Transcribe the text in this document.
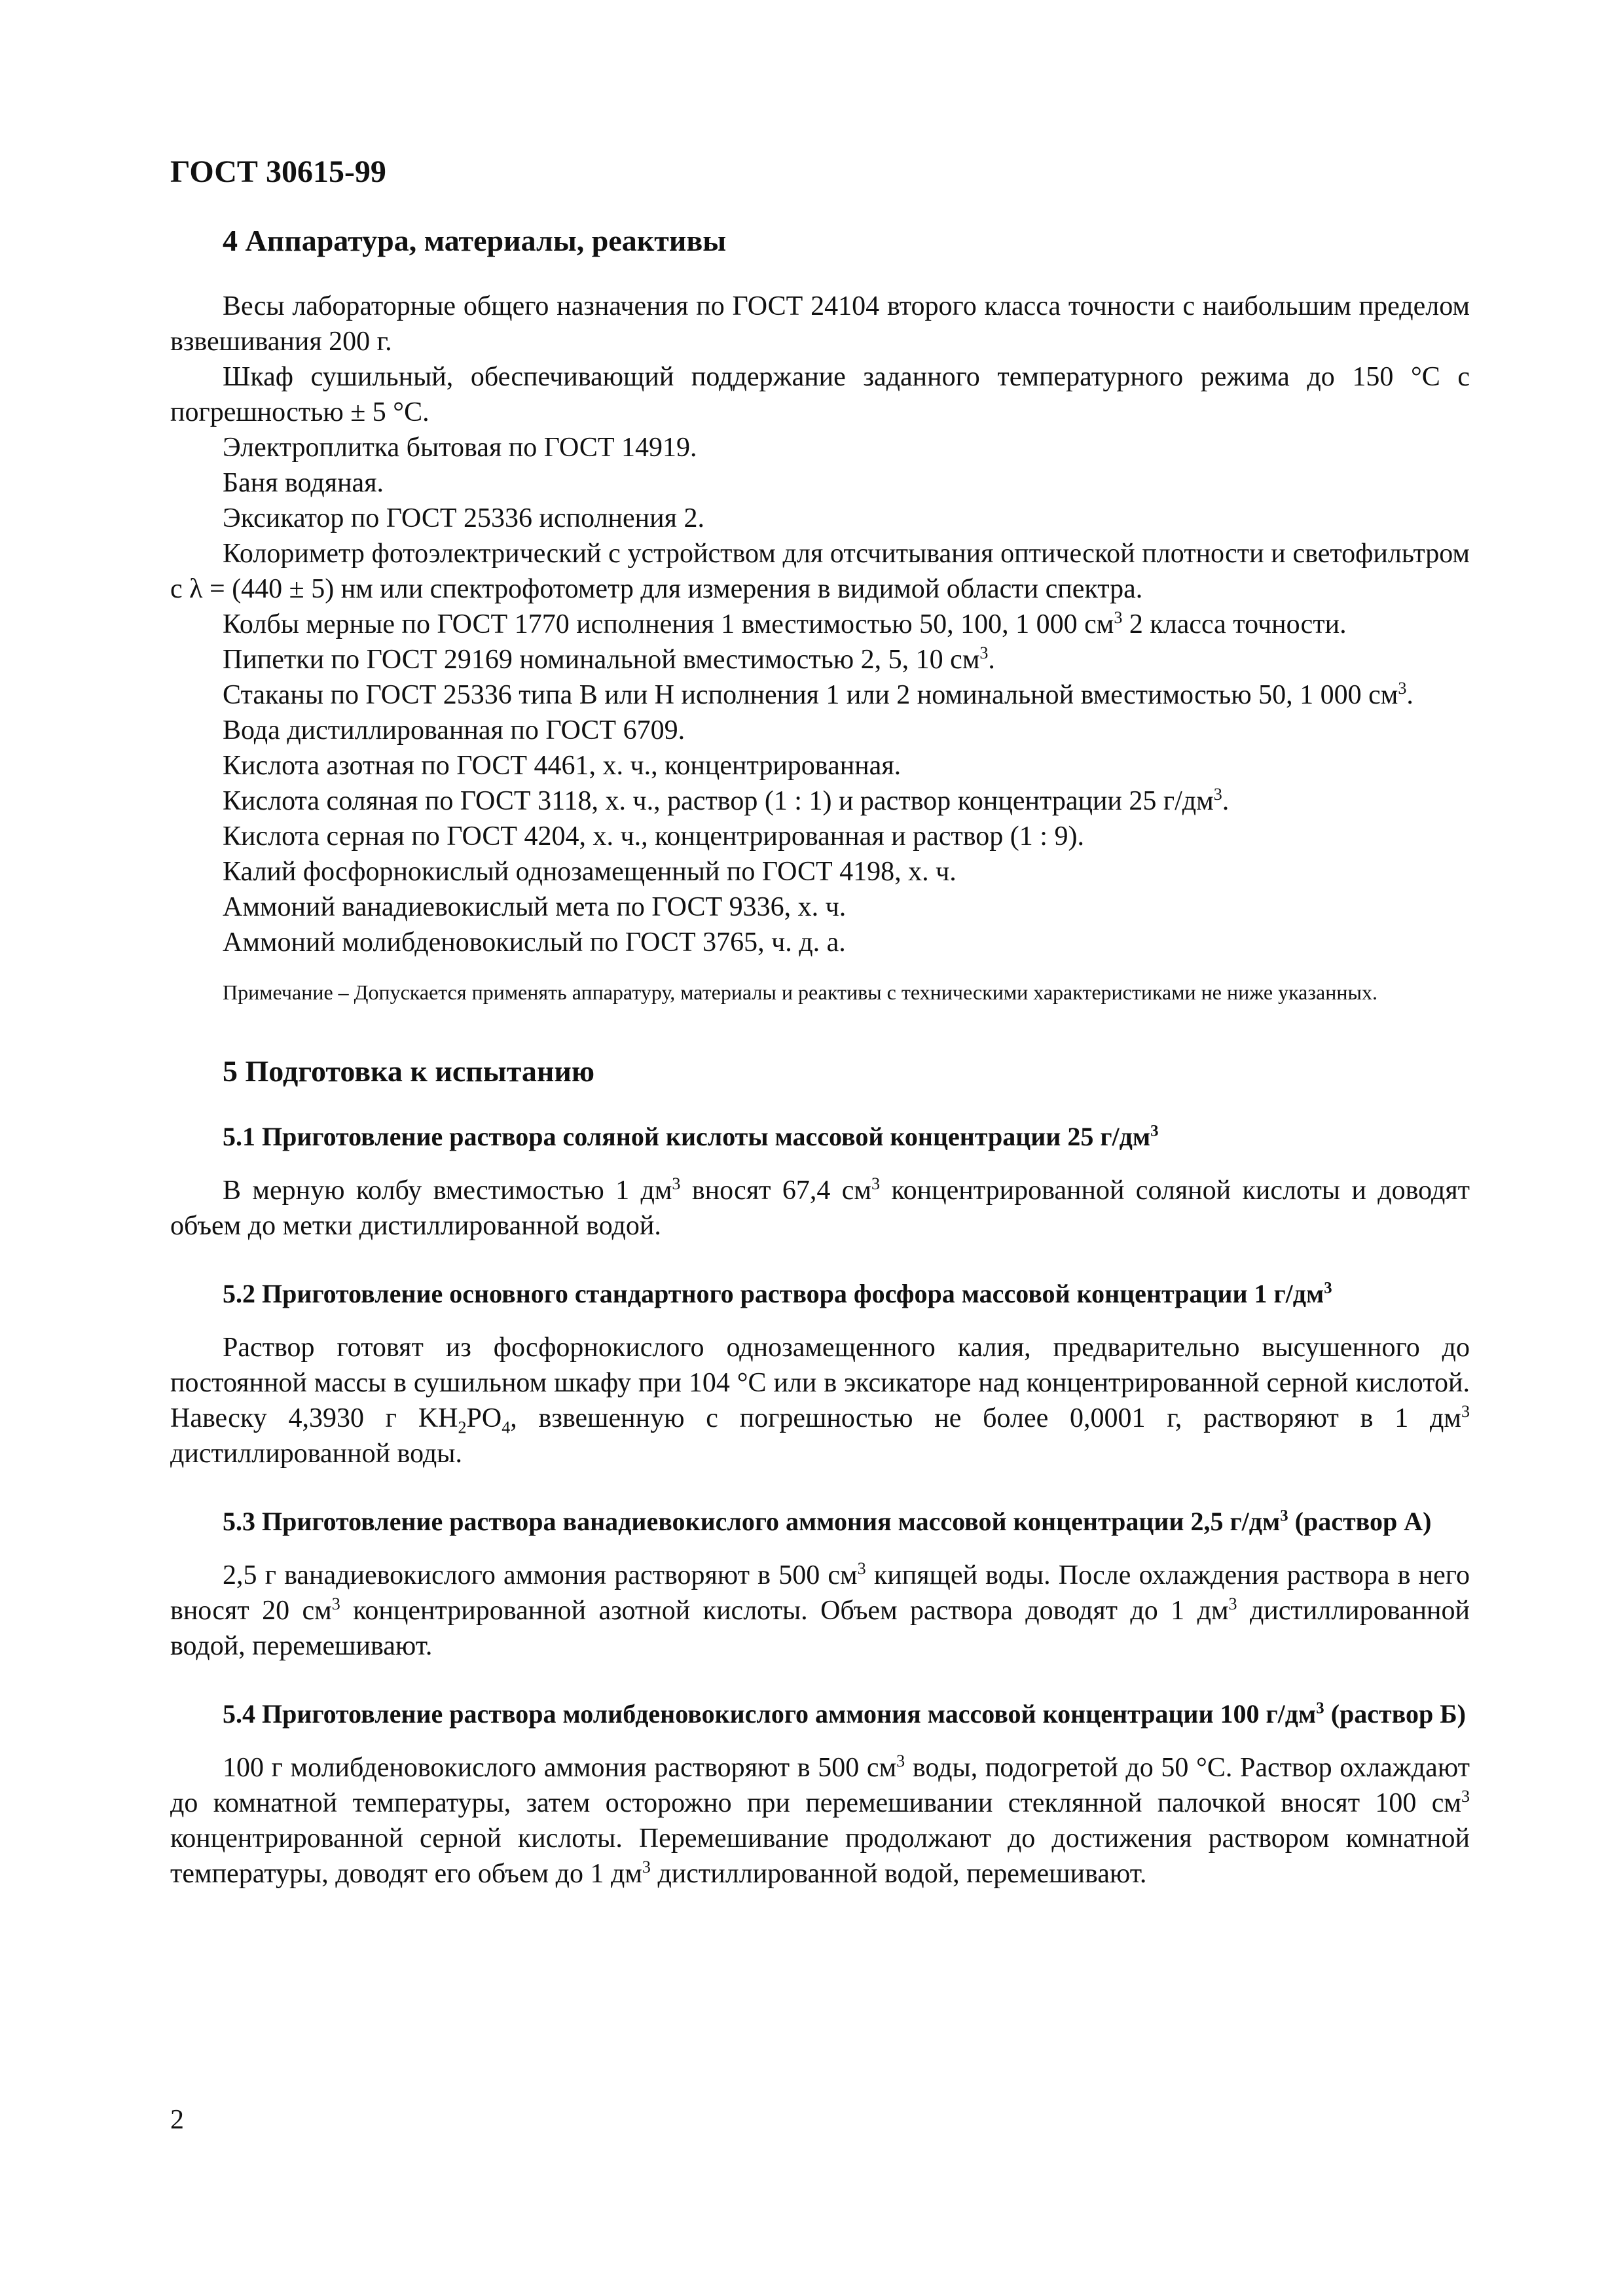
ГОСТ 30615-99
4 Аппаратура, материалы, реактивы

Весы лабораторные общего назначения по ГОСТ 24104 второго класса точности с наибольшим пределом взвешивания 200 г.

Шкаф сушильный, обеспечивающий поддержание заданного температурного режима до 150 °С с погрешностью ± 5 °С.

Электроплитка бытовая по ГОСТ 14919.

Баня водяная.

Эксикатор по ГОСТ 25336 исполнения 2.

Колориметр фотоэлектрический с устройством для отсчитывания оптической плотности и светофильтром с λ = (440 ± 5) нм или спектрофотометр для измерения в видимой области спектра.

Колбы мерные по ГОСТ 1770 исполнения 1 вместимостью 50, 100, 1 000 $см^3$ 2 класса точности.

Пипетки по ГОСТ 29169 номинальной вместимостью 2, 5, 10 $см^3$.

Стаканы по ГОСТ 25336 типа В или Н исполнения 1 или 2 номинальной вместимостью 50, 1 000 $см^3$.

Вода дистиллированная по ГОСТ 6709.

Кислота азотная по ГОСТ 4461, х. ч., концентрированная.

Кислота соляная по ГОСТ 3118, х. ч., раствор (1 : 1) и раствор концентрации 25 $г/дм^3$.

Кислота серная по ГОСТ 4204, х. ч., концентрированная и раствор (1 : 9).

Калий фосфорнокислый однозамещенный по ГОСТ 4198, х. ч.

Аммоний ванадиевокислый мета по ГОСТ 9336, х. ч.

Аммоний молибденовокислый по ГОСТ 3765, ч. д. а.

Примечание – Допускается применять аппаратуру, материалы и реактивы с техническими характеристиками не ниже указанных.

5 Подготовка к испытанию
5.1 Приготовление раствора соляной кислоты массовой концентрации 25 $г/дм^3$

В мерную колбу вместимостью 1 $дм^3$ вносят 67,4 $см^3$ концентрированной соляной кислоты и доводят объем до метки дистиллированной водой.

5.2 Приготовление основного стандартного раствора фосфора массовой концентрации 1 $г/дм^3$

Раствор готовят из фосфорнокислого однозамещенного калия, предварительно высушенного до постоянной массы в сушильном шкафу при 104 °С или в эксикаторе над концентрированной серной кислотой. Навеску 4,3930 г $KH_2PO_4$, взвешенную с погрешностью не более 0,0001 г, растворяют в 1 $дм^3$ дистиллированной воды.

5.3 Приготовление раствора ванадиевокислого аммония массовой концентрации 2,5 $г/дм^3$ (раствор А)

2,5 г ванадиевокислого аммония растворяют в 500 $см^3$ кипящей воды. После охлаждения раствора в него вносят 20 $см^3$ концентрированной азотной кислоты. Объем раствора доводят до 1 $дм^3$ дистиллированной водой, перемешивают.

5.4 Приготовление раствора молибденовокислого аммония массовой концентрации 100 $г/дм^3$ (раствор Б)

100 г молибденовокислого аммония растворяют в 500 $см^3$ воды, подогретой до 50 °С. Раствор охлаждают до комнатной температуры, затем осторожно при перемешивании стеклянной палочкой вносят 100 $см^3$ концентрированной серной кислоты. Перемешивание продолжают до достижения раствором комнатной температуры, доводят его объем до 1 $дм^3$ дистиллированной водой, перемешивают.

2
